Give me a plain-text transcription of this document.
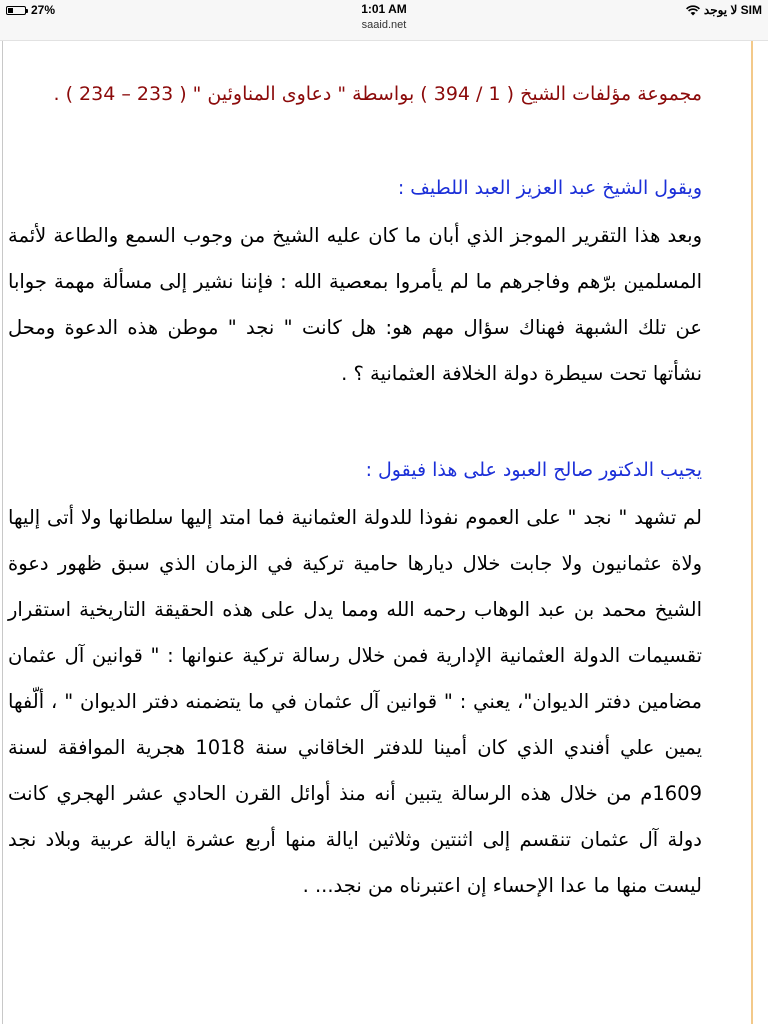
27%	1:01 AM
saaid.net
لا يوجد SIM
مجموعة مؤلفات الشيخ ( 1 / 394 ) بواسطة " دعاوى المناوئين " ( 233 – 234 ) .
ويقول الشيخ عبد العزيز العبد اللطيف :
وبعد هذا التقرير الموجز الذي أبان ما كان عليه الشيخ من وجوب السمع والطاعة لأئمة المسلمين برّهم وفاجرهم ما لم يأمروا بمعصية الله : فإننا نشير إلى مسألة مهمة جوابا عن تلك الشبهة فهناك سؤال مهم هو: هل كانت " نجد " موطن هذه الدعوة ومحل نشأتها تحت سيطرة دولة الخلافة العثمانية ؟ .
يجيب الدكتور صالح العبود على هذا فيقول :
لم تشهد " نجد " على العموم نفوذا للدولة العثمانية فما امتد إليها سلطانها ولا أتى إليها ولاة عثمانيون ولا جابت خلال ديارها حامية تركية في الزمان الذي سبق ظهور دعوة الشيخ محمد بن عبد الوهاب رحمه الله ومما يدل على هذه الحقيقة التاريخية استقرار تقسيمات الدولة العثمانية الإدارية فمن خلال رسالة تركية عنوانها : " قوانين آل عثمان مضامين دفتر الديوان"، يعني : " قوانين آل عثمان في ما يتضمنه دفتر الديوان " ، ألّفها يمين علي أفندي الذي كان أمينا للدفتر الخاقاني سنة 1018 هجرية الموافقة لسنة 1609م من خلال هذه الرسالة يتبين أنه منذ أوائل القرن الحادي عشر الهجري كانت دولة آل عثمان تنقسم إلى اثنتين وثلاثين ايالة منها أربع عشرة ايالة عربية وبلاد نجد ليست منها ما عدا الإحساء إن اعتبرناه من نجد... .
